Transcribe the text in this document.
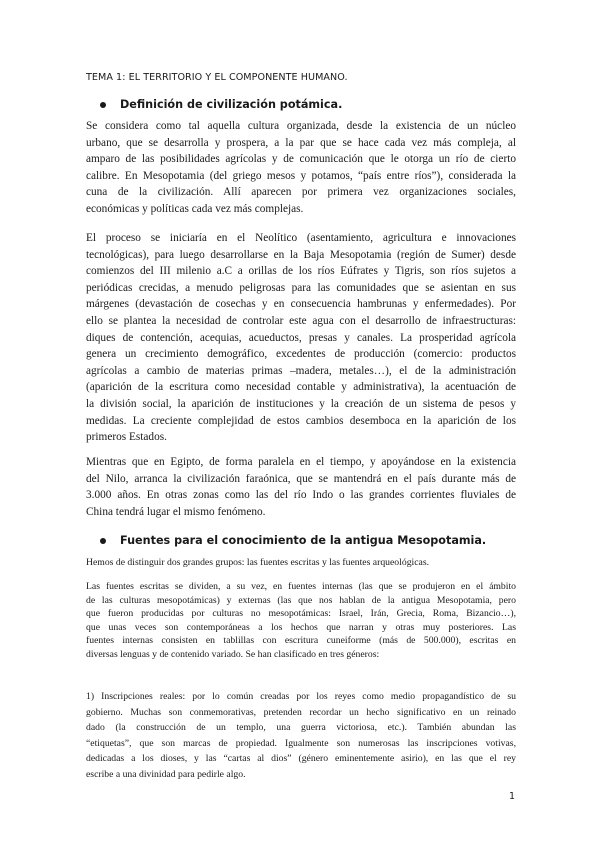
TEMA 1: EL TERRITORIO Y EL COMPONENTE HUMANO.
Definición de civilización potámica.
Se considera como tal aquella cultura organizada, desde la existencia de un núcleo
urbano, que se desarrolla y prospera, a la par que se hace cada vez más compleja, al
amparo de las posibilidades agrícolas y de comunicación que le otorga un río de cierto
calibre. En Mesopotamia (del griego mesos y potamos, “país entre ríos”), considerada la
cuna de la civilización. Allí aparecen por primera vez organizaciones sociales,
económicas y políticas cada vez más complejas.
El proceso se iniciaría en el Neolítico (asentamiento, agricultura e innovaciones
tecnológicas), para luego desarrollarse en la Baja Mesopotamia (región de Sumer) desde
comienzos del III milenio a.C a orillas de los ríos Eúfrates y Tigris, son ríos sujetos a
periódicas crecidas, a menudo peligrosas para las comunidades que se asientan en sus
márgenes (devastación de cosechas y en consecuencia hambrunas y enfermedades). Por
ello se plantea la necesidad de controlar este agua con el desarrollo de infraestructuras:
diques de contención, acequias, acueductos, presas y canales. La prosperidad agrícola
genera un crecimiento demográfico, excedentes de producción (comercio: productos
agrícolas a cambio de materias primas –madera, metales…), el de la administración
(aparición de la escritura como necesidad contable y administrativa), la acentuación de
la división social, la aparición de instituciones y la creación de un sistema de pesos y
medidas. La creciente complejidad de estos cambios desemboca en la aparición de los
primeros Estados.
Mientras que en Egipto, de forma paralela en el tiempo, y apoyándose en la existencia
del Nilo, arranca la civilización faraónica, que se mantendrá en el país durante más de
3.000 años. En otras zonas como las del río Indo o las grandes corrientes fluviales de
China tendrá lugar el mismo fenómeno.
Fuentes para el conocimiento de la antigua Mesopotamia.
Hemos de distinguir dos grandes grupos: las fuentes escritas y las fuentes arqueológicas.
Las fuentes escritas se dividen, a su vez, en fuentes internas (las que se produjeron en el ámbito
de las culturas mesopotámicas) y externas (las que nos hablan de la antigua Mesopotamia, pero
que fueron producidas por culturas no mesopotámicas: Israel, Irán, Grecia, Roma, Bizancio…),
que unas veces son contemporáneas a los hechos que narran y otras muy posteriores. Las
fuentes internas consisten en tablillas con escritura cuneiforme (más de 500.000), escritas en
diversas lenguas y de contenido variado. Se han clasificado en tres géneros:
1) Inscripciones reales: por lo común creadas por los reyes como medio propagandístico de su
gobierno. Muchas son conmemorativas, pretenden recordar un hecho significativo en un reinado
dado (la construcción de un templo, una guerra victoriosa, etc.). También abundan las
“etiquetas”, que son marcas de propiedad. Igualmente son numerosas las inscripciones votivas,
dedicadas a los dioses, y las “cartas al dios” (género eminentemente asirio), en las que el rey
escribe a una divinidad para pedirle algo.
1
